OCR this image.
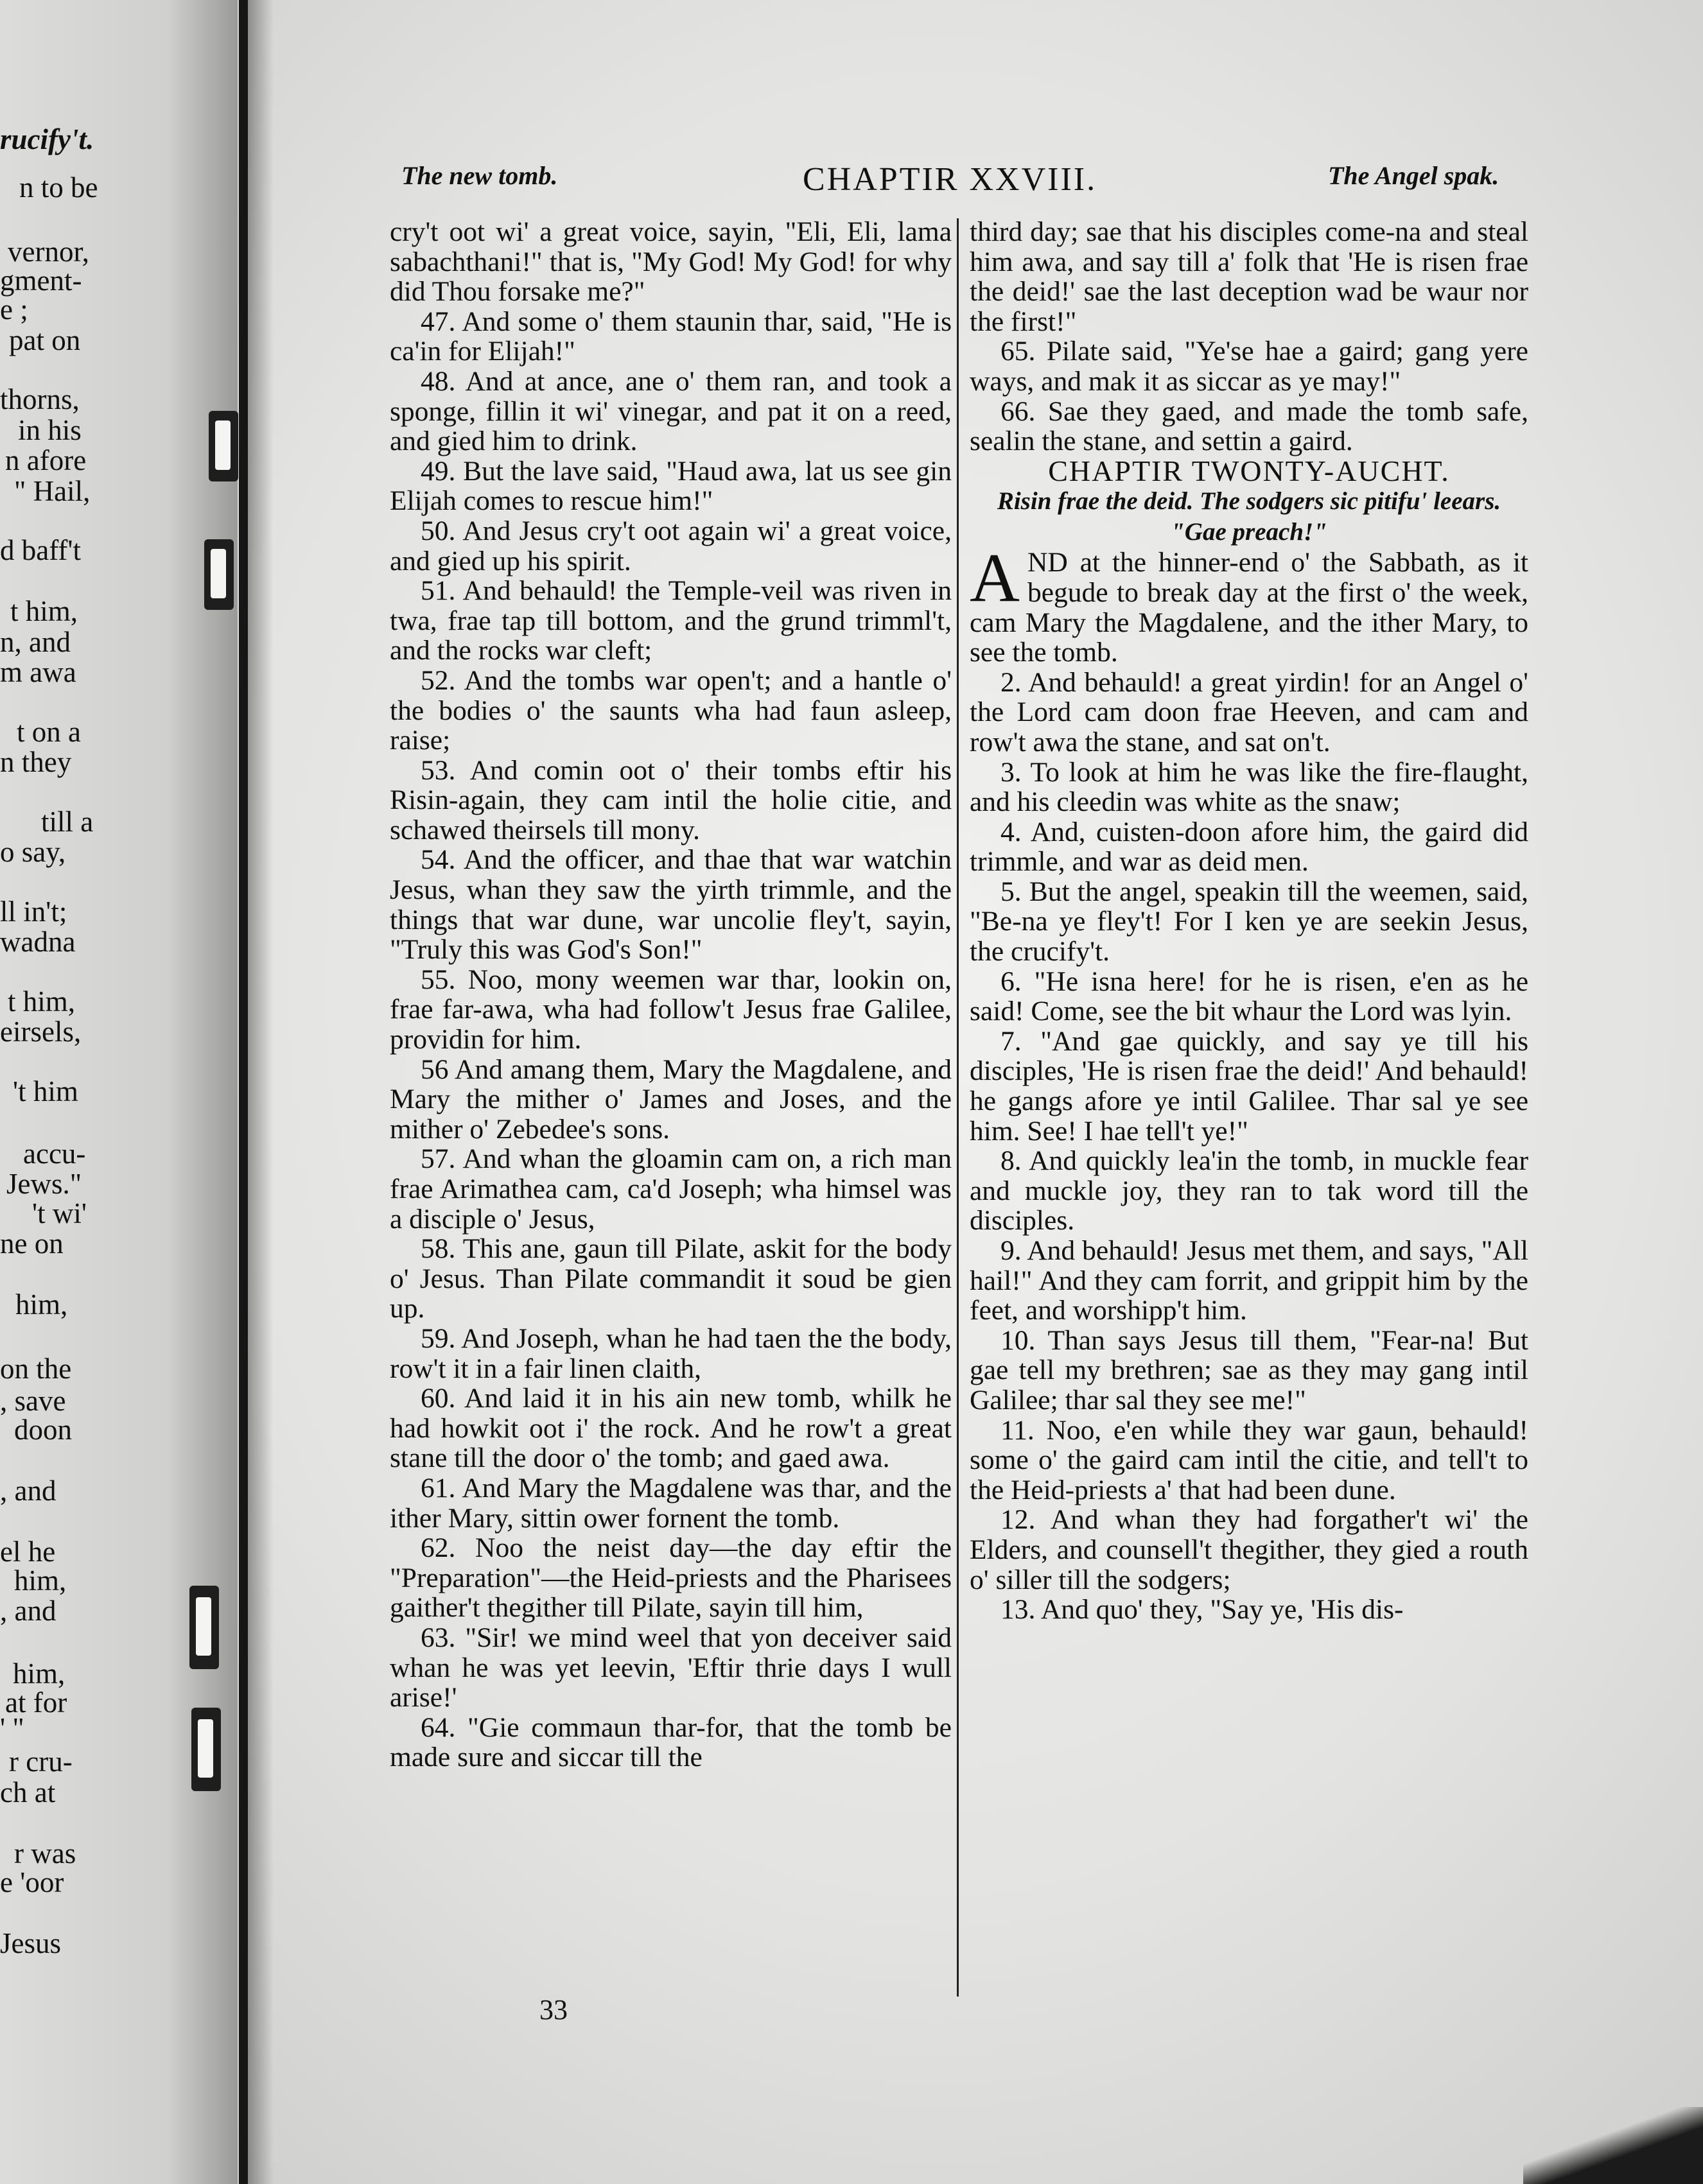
rucify't.
n to be
vernor,
gment-
e ;
pat on
thorns,
in his
n afore
" Hail,
d baff't
t him,
n, and
m awa
t on a
n they
till a
o say,
ll in't;
wadna
t him,
eirsels,
't him
accu-
Jews."
't wi'
ne on
him,
on the
, save
doon
, and
el he
him,
, and
him,
at for
' "
r cru-
ch at
r was
e 'oor
Jesus
The new tomb.	CHAPTIR XXVIII.	The Angel spak.

cry't oot wi' a great voice, sayin, "Eli, Eli, lama sabachthani!" that is, "My God! My God! for why did Thou forsake me?"

47. And some o' them staunin thar, said, "He is ca'in for Elijah!"

48. And at ance, ane o' them ran, and took a sponge, fillin it wi' vinegar, and pat it on a reed, and gied him to drink.

49. But the lave said, "Haud awa, lat us see gin Elijah comes to rescue him!"

50. And Jesus cry't oot again wi' a great voice, and gied up his spirit.

51. And behauld! the Temple-veil was riven in twa, frae tap till bottom, and the grund trimml't, and the rocks war cleft;

52. And the tombs war open't; and a hantle o' the bodies o' the saunts wha had faun asleep, raise;

53. And comin oot o' their tombs eftir his Risin-again, they cam intil the holie citie, and schawed theirsels till mony.

54. And the officer, and thae that war watchin Jesus, whan they saw the yirth trimmle, and the things that war dune, war uncolie fley't, sayin, "Truly this was God's Son!"

55. Noo, mony weemen war thar, lookin on, frae far-awa, wha had follow't Jesus frae Galilee, providin for him.

56 And amang them, Mary the Magdalene, and Mary the mither o' James and Joses, and the mither o' Zebedee's sons.

57. And whan the gloamin cam on, a rich man frae Arimathea cam, ca'd Joseph; wha himsel was a disciple o' Jesus,

58. This ane, gaun till Pilate, askit for the body o' Jesus. Than Pilate commandit it soud be gien up.

59. And Joseph, whan he had taen the the body, row't it in a fair linen claith,

60. And laid it in his ain new tomb, whilk he had howkit oot i' the rock. And he row't a great stane till the door o' the tomb; and gaed awa.

61. And Mary the Magdalene was thar, and the ither Mary, sittin ower fornent the tomb.

62. Noo the neist day—the day eftir the "Preparation"—the Heid-priests and the Pharisees gaither't thegither till Pilate, sayin till him,

63. "Sir! we mind weel that yon deceiver said whan he was yet leevin, 'Eftir thrie days I wull arise!'

64. "Gie commaun thar-for, that the tomb be made sure and siccar till the

third day; sae that his disciples come-na and steal him awa, and say till a' folk that 'He is risen frae the deid!' sae the last deception wad be waur nor the first!"

65. Pilate said, "Ye'se hae a gaird; gang yere ways, and mak it as siccar as ye may!"

66. Sae they gaed, and made the tomb safe, sealin the stane, and settin a gaird.

CHAPTIR TWONTY-AUCHT.

Risin frae the deid. The sodgers sic pitifu' leears. "Gae preach!"

AND at the hinner-end o' the Sabbath, as it begude to break day at the first o' the week, cam Mary the Magdalene, and the ither Mary, to see the tomb.

2. And behauld! a great yirdin! for an Angel o' the Lord cam doon frae Heeven, and cam and row't awa the stane, and sat on't.

3. To look at him he was like the fire-flaught, and his cleedin was white as the snaw;

4. And, cuisten-doon afore him, the gaird did trimmle, and war as deid men.

5. But the angel, speakin till the weemen, said, "Be-na ye fley't! For I ken ye are seekin Jesus, the crucify't.

6. "He isna here! for he is risen, e'en as he said! Come, see the bit whaur the Lord was lyin.

7. "And gae quickly, and say ye till his disciples, 'He is risen frae the deid!' And behauld! he gangs afore ye intil Galilee. Thar sal ye see him. See! I hae tell't ye!"

8. And quickly lea'in the tomb, in muckle fear and muckle joy, they ran to tak word till the disciples.

9. And behauld! Jesus met them, and says, "All hail!" And they cam forrit, and grippit him by the feet, and worshipp't him.

10. Than says Jesus till them, "Fear-na! But gae tell my brethren; sae as they may gang intil Galilee; thar sal they see me!"

11. Noo, e'en while they war gaun, behauld! some o' the gaird cam intil the citie, and tell't to the Heid-priests a' that had been dune.

12. And whan they had forgather't wi' the Elders, and counsell't thegither, they gied a routh o' siller till the sodgers;

13. And quo' they, "Say ye, 'His dis-

33
